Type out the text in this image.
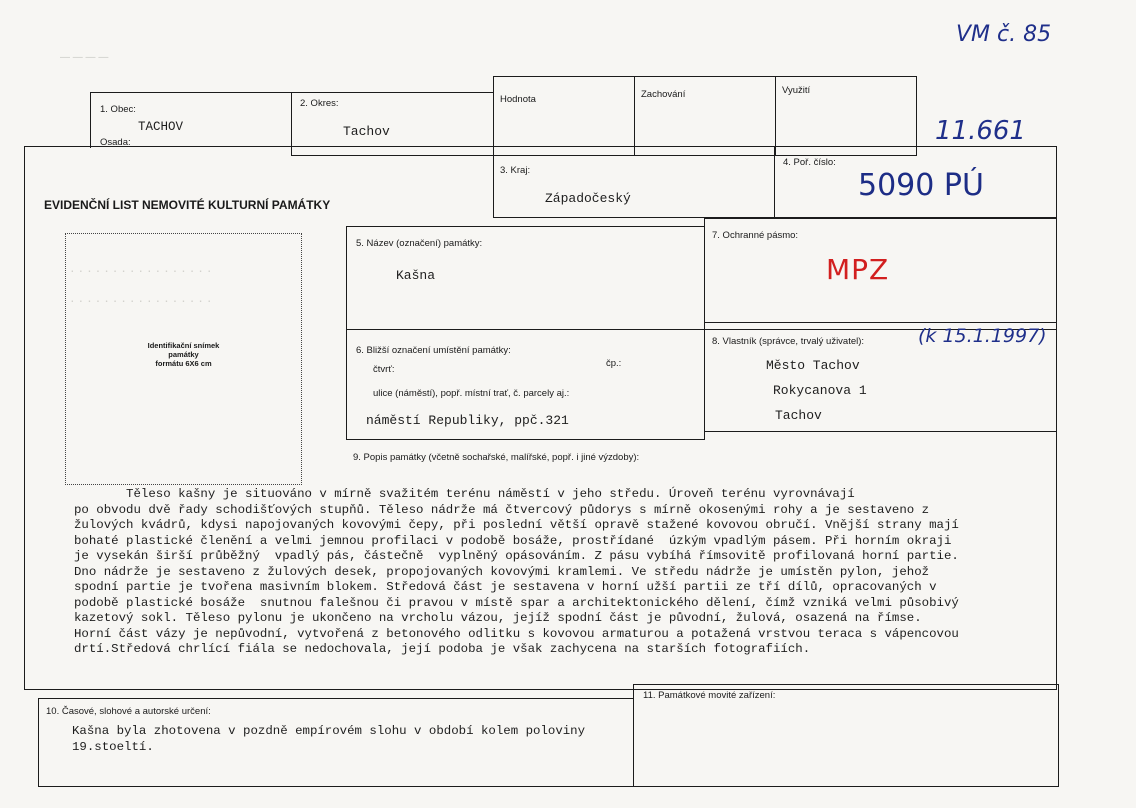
— — — —
· · · · · · · · · · · · · · · · ·
· · · · · · · · · · · · · · · · ·
VM č. 85
11.661
5090 PÚ
1. Obec:
TACHOV
Osada:
2. Okres:
Tachov
Hodnota	Zachování	Využití
EVIDENČNÍ LIST NEMOVITÉ KULTURNÍ PAMÁTKY
3. Kraj:
Západočeský
4. Poř. číslo:
Identifikační snímek
památky
formátu 6X6 cm
5. Název (označení) památky:
Kašna
7. Ochranné pásmo:
MPZ
6. Bližší označení umístění památky:
čtvrť:
čp.:
ulice (náměstí), popř. místní trať, č. parcely aj.:
náměstí Republiky, ppč.321
8. Vlastník (správce, trvalý uživatel):	(k 15.1.1997)
Město Tachov
Rokycanova 1
Tachov
9. Popis památky (včetně sochařské, malířské, popř. i jiné výzdoby):
Těleso kašny je situováno v mírně svažitém terénu náměstí v jeho středu. Úroveň terénu vyrovnávají
po obvodu dvě řady schodišťových stupňů. Těleso nádrže má čtvercový půdorys s mírně okosenými rohy a je sestaveno z
žulových kvádrů, kdysi napojovaných kovovými čepy, při poslední větší opravě stažené kovovou obručí. Vnější strany mají
bohaté plastické členění a velmi jemnou profilaci v podobě bosáže, prostřídané  úzkým vpadlým pásem. Při horním okraji
je vysekán širší průběžný  vpadlý pás, částečně  vyplněný opásováním. Z pásu vybíhá římsovitě profilovaná horní partie.
Dno nádrže je sestaveno z žulových desek, propojovaných kovovými kramlemi. Ve středu nádrže je umístěn pylon, jehož
spodní partie je tvořena masivním blokem. Středová část je sestavena v horní užší partii ze tří dílů, opracovaných v
podobě plastické bosáže  snutnou falešnou či pravou v místě spar a architektonického dělení, čímž vzniká velmi působivý
kazetový sokl. Těleso pylonu je ukončeno na vrcholu vázou, jejíž spodní část je původní, žulová, osazená na římse.
Horní část vázy je nepůvodní, vytvořená z betonového odlitku s kovovou armaturou a potažená vrstvou teraca s vápencovou
drtí.Středová chrlící fiála se nedochovala, její podoba je však zachycena na starších fotografiích.
10. Časové, slohové a autorské určení:
Kašna byla zhotovena v pozdně empírovém slohu v období kolem poloviny
19.stoeltí.
11. Památkové movité zařízení:
